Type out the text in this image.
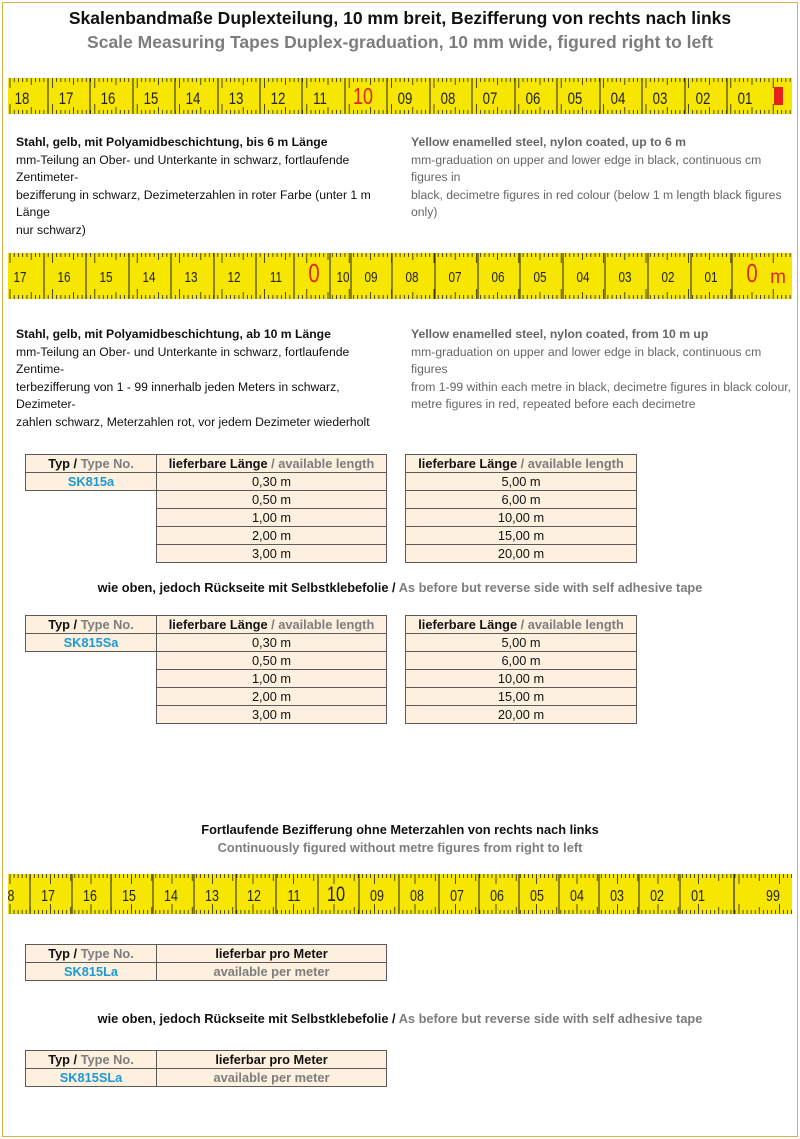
Skalenbandmaße Duplexteilung, 10 mm breit, Bezifferung von rechts nach links
Scale Measuring Tapes Duplex-graduation, 10 mm wide, figured right to left
18 17 16 15 14 13 12 11 10 09 08 07 06 05 04 03 02 01
Stahl, gelb, mit Polyamidbeschichtung, bis 6 m Länge
mm-Teilung an Ober- und Unterkante in schwarz, fortlaufende Zentimeter-
bezifferung in schwarz, Dezimeterzahlen in roter Farbe (unter 1 m Länge
nur schwarz)
Yellow enamelled steel, nylon coated, up to 6 m
mm-graduation on upper and lower edge in black, continuous cm figures in
black, decimetre figures in red colour (below 1 m length black figures only)
17 16 15 14 13 12 11 0 10 09 08 07 06 05 04 03 02 01 0 m
Stahl, gelb, mit Polyamidbeschichtung, ab 10 m Länge
mm-Teilung an Ober- und Unterkante in schwarz, fortlaufende Zentime-
terbezifferung von 1 - 99 innerhalb jeden Meters in schwarz, Dezimeter-
zahlen schwarz, Meterzahlen rot, vor jedem Dezimeter wiederholt
Yellow enamelled steel, nylon coated, from 10 m up
mm-graduation on upper and lower edge in black, continuous cm figures
from 1-99 within each metre in black, decimetre figures in black colour,
metre figures in red, repeated before each decimetre
Typ / Type No.	lieferbare Länge / available length
SK815a	0,30 m
	0,50 m
	1,00 m
	2,00 m
	3,00 m
lieferbare Länge / available length
5,00 m
6,00 m
10,00 m
15,00 m
20,00 m
wie oben, jedoch Rückseite mit Selbstklebefolie / As before but reverse side with self adhesive tape
Typ / Type No.	lieferbare Länge / available length
SK815Sa	0,30 m
	0,50 m
	1,00 m
	2,00 m
	3,00 m
lieferbare Länge / available length
5,00 m
6,00 m
10,00 m
15,00 m
20,00 m
Fortlaufende Bezifferung ohne Meterzahlen von rechts nach links
Continuously figured without metre figures from right to left
8 17 16 15 14 13 12 11 10 09 08 07 06 05 04 03 02 01	99
Typ / Type No.	lieferbar pro Meter
SK815La	available per meter
wie oben, jedoch Rückseite mit Selbstklebefolie / As before but reverse side with self adhesive tape
Typ / Type No.	lieferbar pro Meter
SK815SLa	available per meter
